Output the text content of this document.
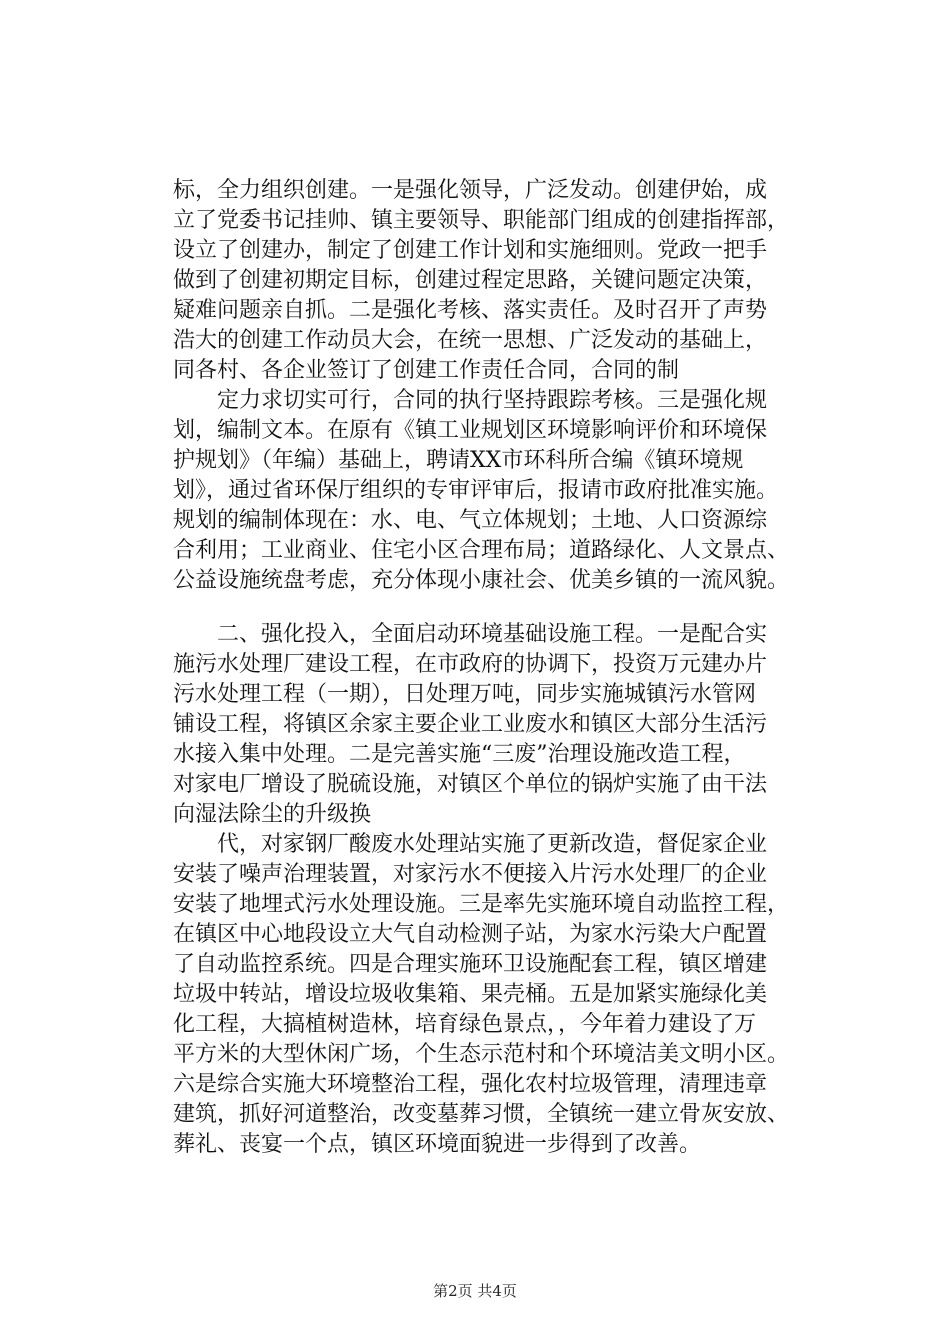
标，全力组织创建。一是强化领导，广泛发动。创建伊始，成
立了党委书记挂帅、镇主要领导、职能部门组成的创建指挥部，
设立了创建办，制定了创建工作计划和实施细则。党政一把手
做到了创建初期定目标，创建过程定思路，关键问题定决策，
疑难问题亲自抓。二是强化考核、落实责任。及时召开了声势
浩大的创建工作动员大会，在统一思想、广泛发动的基础上，
同各村、各企业签订了创建工作责任合同，合同的制
　　定力求切实可行，合同的执行坚持跟踪考核。三是强化规
划，编制文本。在原有《镇工业规划区环境影响评价和环境保
护规划》（年编）基础上，聘请XX市环科所合编《镇环境规
划》，通过省环保厅组织的专审评审后，报请市政府批准实施。
规划的编制体现在：水、电、气立体规划；土地、人口资源综
合利用；工业商业、住宅小区合理布局；道路绿化、人文景点、
公益设施统盘考虑，充分体现小康社会、优美乡镇的一流风貌。
　　二、强化投入，全面启动环境基础设施工程。一是配合实
施污水处理厂建设工程，在市政府的协调下，投资万元建办片
污水处理工程（一期），日处理万吨，同步实施城镇污水管网
铺设工程，将镇区余家主要企业工业废水和镇区大部分生活污
水接入集中处理。二是完善实施“三废”治理设施改造工程，
对家电厂增设了脱硫设施，对镇区个单位的锅炉实施了由干法
向湿法除尘的升级换
　　代，对家钢厂酸废水处理站实施了更新改造，督促家企业
安装了噪声治理装置，对家污水不便接入片污水处理厂的企业
安装了地埋式污水处理设施。三是率先实施环境自动监控工程，
在镇区中心地段设立大气自动检测子站，为家水污染大户配置
了自动监控系统。四是合理实施环卫设施配套工程，镇区增建
垃圾中转站，增设垃圾收集箱、果壳桶。五是加紧实施绿化美
化工程，大搞植树造林，培育绿色景点，，今年着力建设了万
平方米的大型休闲广场，个生态示范村和个环境洁美文明小区。
六是综合实施大环境整治工程，强化农村垃圾管理，清理违章
建筑，抓好河道整治，改变墓葬习惯，全镇统一建立骨灰安放、
葬礼、丧宴一个点，镇区环境面貌进一步得到了改善。
第2页 共4页
